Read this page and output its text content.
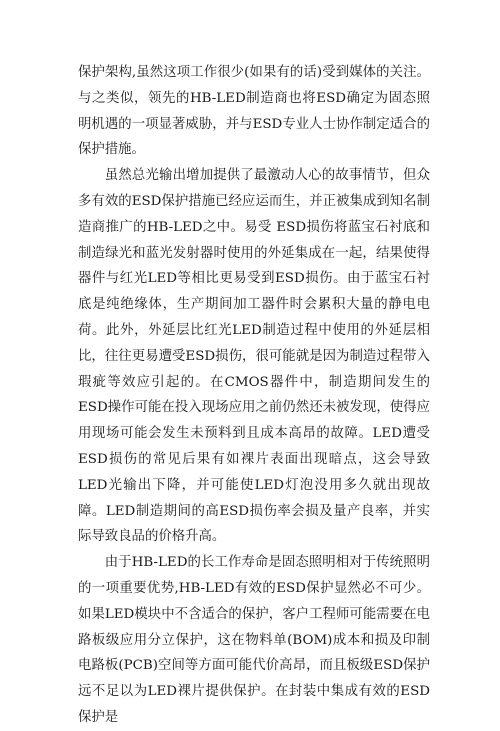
保护架构,虽然这项工作很少(如果有的话)受到媒体的关注。与之类似，领先的HB-LED制造商也将ESD确定为固态照明机遇的一项显著威胁，并与ESD专业人士协作制定适合的保护措施。

虽然总光输出增加提供了最激动人心的故事情节，但众多有效的ESD保护措施已经应运而生，并正被集成到知名制造商推广的HB-LED之中。易受 ESD损伤将蓝宝石衬底和制造绿光和蓝光发射器时使用的外延集成在一起，结果使得器件与红光LED等相比更易受到ESD损伤。由于蓝宝石衬底是纯绝缘体，生产期间加工器件时会累积大量的静电电荷。此外，外延层比红光LED制造过程中使用的外延层相比，往往更易遭受ESD损伤，很可能就是因为制造过程带入瑕疵等效应引起的。在CMOS器件中，制造期间发生的ESD操作可能在投入现场应用之前仍然还未被发现，使得应用现场可能会发生未预料到且成本高昂的故障。LED遭受ESD损伤的常见后果有如裸片表面出现暗点，这会导致LED光输出下降，并可能使LED灯泡没用多久就出现故障。LED制造期间的高ESD损伤率会损及量产良率，并实际导致良品的价格升高。

由于HB-LED的长工作寿命是固态照明相对于传统照明的一项重要优势,HB-LED有效的ESD保护显然必不可少。如果LED模块中不含适合的保护，客户工程师可能需要在电路板级应用分立保护，这在物料单(BOM)成本和损及印制电路板(PCB)空间等方面可能代价高昂，而且板级ESD保护远不足以为LED裸片提供保护。在封装中集成有效的ESD保护是
